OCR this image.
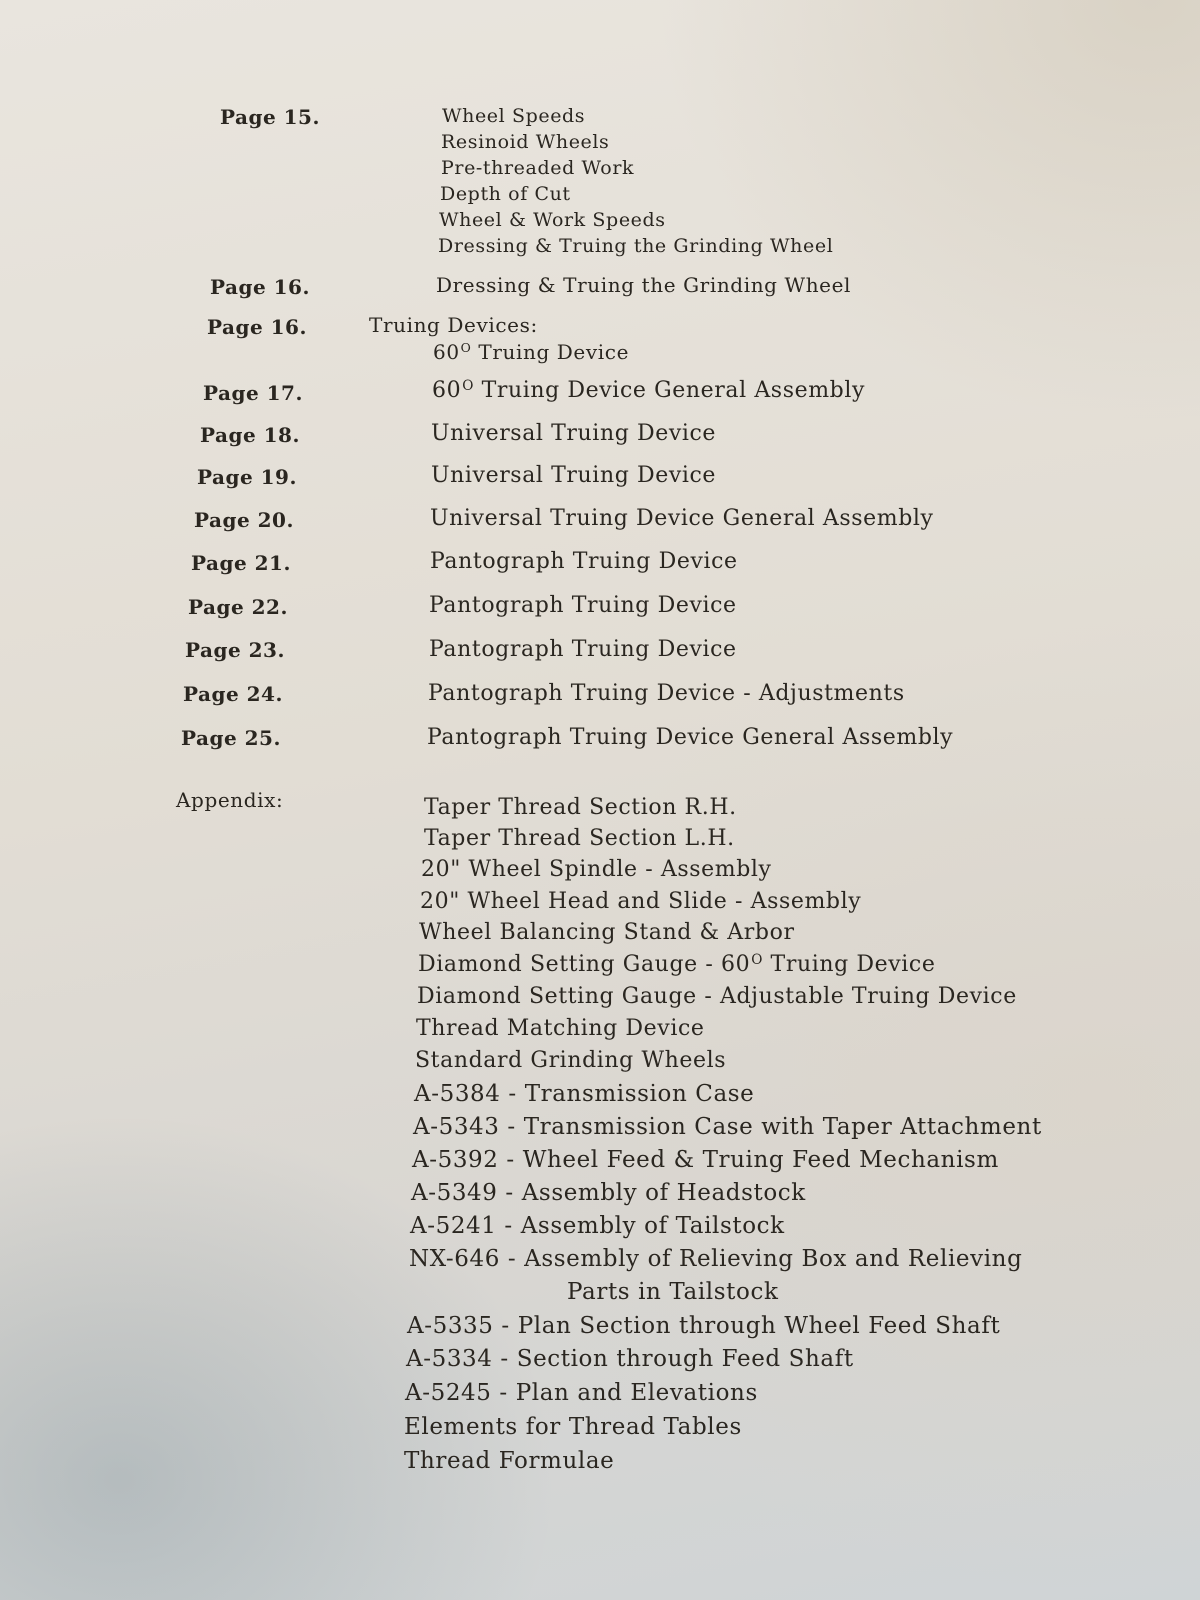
Page 15.	Wheel Speeds
Resinoid Wheels
Pre-threaded Work
Depth of Cut
Wheel & Work Speeds
Dressing & Truing the Grinding Wheel
Page 16.	Dressing & Truing the Grinding Wheel
Page 16.	Truing Devices:
$60^O$ Truing Device
Page 17.	$60^O$ Truing Device General Assembly
Page 18.	Universal Truing Device
Page 19.	Universal Truing Device
Page 20.	Universal Truing Device General Assembly
Page 21.	Pantograph Truing Device
Page 22.	Pantograph Truing Device
Page 23.	Pantograph Truing Device
Page 24.	Pantograph Truing Device - Adjustments
Page 25.	Pantograph Truing Device General Assembly
Appendix:	Taper Thread Section R.H.
Taper Thread Section L.H.
20" Wheel Spindle - Assembly
20" Wheel Head and Slide - Assembly
Wheel Balancing Stand & Arbor
Diamond Setting Gauge - $60^O$ Truing Device
Diamond Setting Gauge - Adjustable Truing Device
Thread Matching Device
Standard Grinding Wheels
A-5384 - Transmission Case
A-5343 - Transmission Case with Taper Attachment
A-5392 - Wheel Feed & Truing Feed Mechanism
A-5349 - Assembly of Headstock
A-5241 - Assembly of Tailstock
NX-646 - Assembly of Relieving Box and Relieving
Parts in Tailstock
A-5335 - Plan Section through Wheel Feed Shaft
A-5334 - Section through Feed Shaft
A-5245 - Plan and Elevations
Elements for Thread Tables
Thread Formulae
